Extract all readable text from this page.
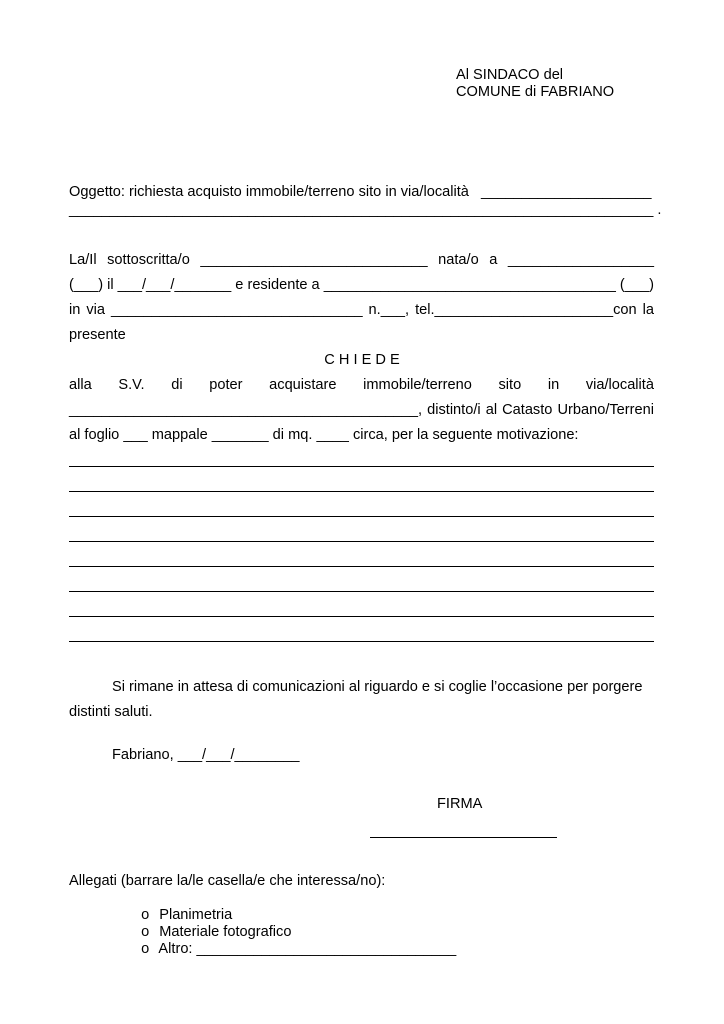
Al SINDACO del
COMUNE di FABRIANO
Oggetto: richiesta acquisto immobile/terreno sito in via/località   _____________________
________________________________________________________________________ .
La/Il sottoscritta/o ____________________________ nata/o a __________________
(___) il ___/___/_______ e residente a ____________________________________ (___)
in via _______________________________ n.___, tel.______________________con la
presente
C H I E D E
alla S.V. di poter acquistare immobile/terreno sito in via/località
___________________________________________, distinto/i al Catasto Urbano/Terreni
al foglio ___ mappale _______ di mq. ____ circa, per la seguente motivazione:
Si rimane in attesa di comunicazioni al riguardo e si coglie l’occasione per porgere
distinti saluti.
Fabriano, ___/___/________
FIRMA
Allegati (barrare la/le casella/e che interessa/no):

o Planimetria

o Materiale fotografico

o Altro: ________________________________
